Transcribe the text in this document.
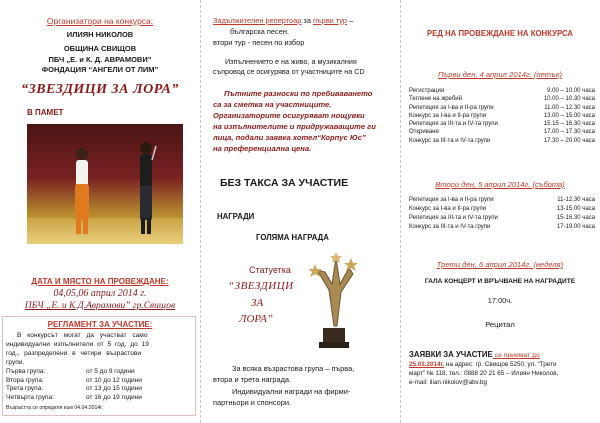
Организатори на конкурса:
ИЛИЯН НИКОЛОВ
ОБЩИНА СВИЩОВ
ПБЧ „Е. и К. Д. АВРАМОВИ”
ФОНДАЦИЯ “АНГЕЛИ ОТ ЛИМ”
“ЗВЕЗДИЦИ ЗА ЛОРА”
В ПАМЕТ
ДАТА И МЯСТО НА ПРОВЕЖДАНЕ:
04,05,06 април 2014 г.
ПБЧ „Е. и К.Д.Аврамови” гр.Свищов
РЕГЛАМЕНТ ЗА УЧАСТИЕ:
В конкурсът могат да участват само
индивидуални изпълнители от 5 год. до 19
год., разпределени в четири възрастови
групи.
Първа група:	от 5 до 9 години
Втора група:	от 10 до 12 години
Трета група:	от 13 до 15 години
Четвърта група:	от 16 до 19 години
Възрастта се определя към 04.04.2014г.
Задължителен репертоар за първи тур –
българска песен.
втори тур - песен по избор
Изпълнението е на живо, а музикалния
съпровод се осигурява от участниците на CD
Пътните разноски по пребиваването
са за сметка на участниците.
Организаторите осигуряват нощувки
на изпълнителите и придружаващите ги
лица, подали заявка хотел“Корпус Юс”
на преференциална цена.
БЕЗ ТАКСА ЗА УЧАСТИЕ
НАГРАДИ
ГОЛЯМА НАГРАДА
Статуетка
“ЗВЕЗДИЦИ
ЗА
ЛОРА”
За всяка възрастова група – първа,
втора и трета награда.
Индивидуални награди на фирми-
партньори и спонсори.
РЕД НА ПРОВЕЖДАНЕ НА КОНКУРСА
Първи ден, 4 април 2014г. (петък)
Регистрация	9.00 – 10.00 часа
Теглене на жребий	10.00 – 10.30 часа
Репетиция за I-ва и II-ра групи	11.00 – 12.30 часа
Конкурс за I-ва и II-ра групи	13.00 – 15.00 часа
Репетиция за III-та и IV-та групи	15.15 – 16.30 часа
Откриване	17.00 – 17.30 часа
Конкурс за III-та и IV-та групи	17.30 – 20.00 часа
Втори ден, 5 април 2014г. (събота)
Репетиция за I-ва и II-ра групи	11-12.30 часа
Конкурс за I-ва и II-ра групи	13-15.00 часа
Репетиция за III-та и IV-та групи	15-16.30 часа
Конкурс за III-та и IV-та групи	17-19.00 часа
Трети ден, 6 април 2014г. (неделя)
ГАЛА КОНЦЕРТ И ВРЪЧВАНЕ НА НАГРАДИТЕ
17:00ч.
Рецитал
ЗАЯВКИ ЗА УЧАСТИЕ се приемат до
25.03.2014г. на адрес: гр. Свищов 5250, ул. “Трети
март” № 118, тел.: 0888 20 21 65 – Илиян Николов,
e-mail: ilian.nikolov@abv.bg
